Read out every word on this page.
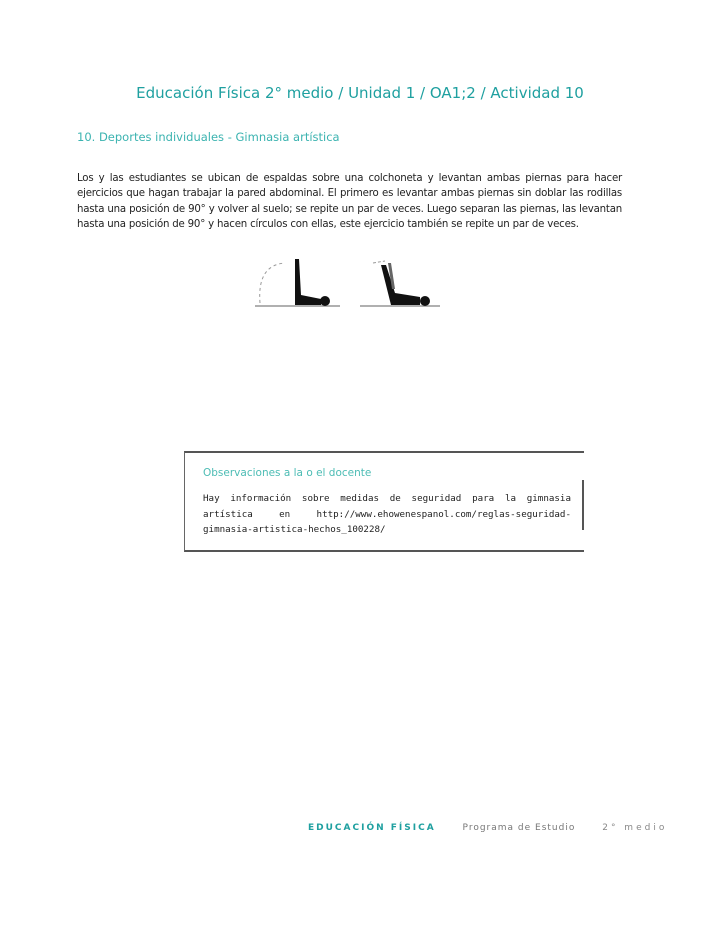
Educación Física 2° medio / Unidad 1 / OA1;2 / Actividad 10
10. Deportes individuales - Gimnasia artística
Los y las estudiantes se ubican de espaldas sobre una colchoneta y levantan ambas piernas para hacer ejercicios que hagan trabajar la pared abdominal. El primero es levantar ambas piernas sin doblar las rodillas hasta una posición de 90° y volver al suelo; se repite un par de veces. Luego separan las piernas, las levantan hasta una posición de 90° y hacen círculos con ellas, este ejercicio también se repite un par de veces.
Observaciones a la o el docente
Hay información sobre medidas de seguridad para la gimnasia artística en http://www.ehowenespanol.com/reglas-seguridad-gimnasia-artistica-hechos_100228/
EDUCACIÓN FÍSICA	Programa de Estudio	2° medio
